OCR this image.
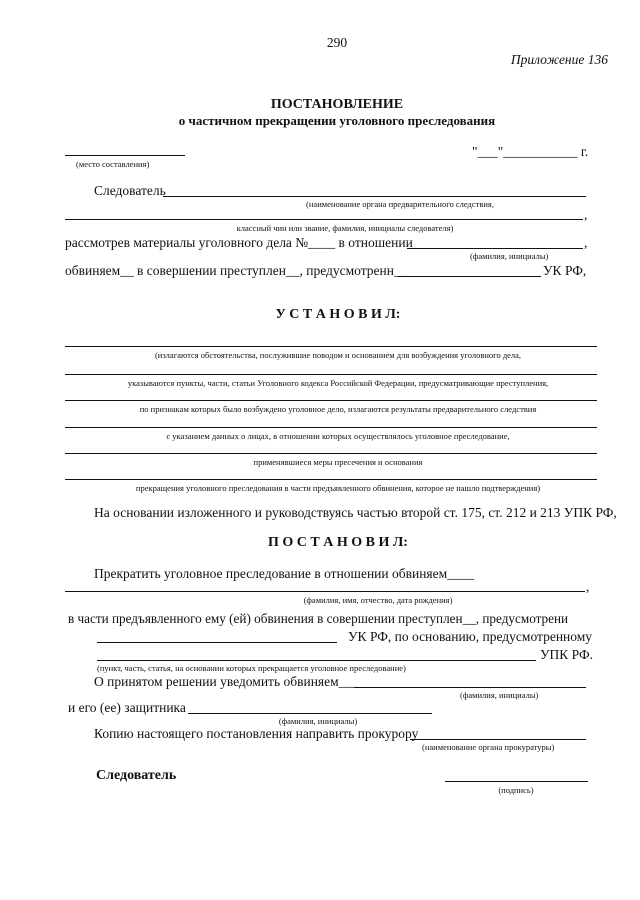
290
Приложение 136
ПОСТАНОВЛЕНИЕ
о частичном прекращении уголовного преследования
(место составления)
"___"___________ г.
Следователь
(наименование органа предварительного следствия,
,
классный чин или звание, фамилия, инициалы следователя)
рассмотрев материалы уголовного дела №____ в отношении	,
(фамилия, инициалы)
обвиняем__ в совершении преступлен__, предусмотренн__	УК РФ,
У С Т А Н О В И Л:
(излагаются обстоятельства, послужившие поводом и основанием для возбуждения уголовного дела,
указываются пункты, части, статьи Уголовного кодекса Российской Федерации, предусматривающие преступления,
по признакам которых было возбуждено уголовное дело, излагаются результаты предварительного следствия
с указанием данных о лицах, в отношении которых осуществлялось уголовное преследование,
применявшиеся меры пресечения и основания
прекращения уголовного преследования в части предъявленного обвинения, которое не нашло подтверждения)
На основании изложенного и руководствуясь частью второй ст. 175, ст. 212 и 213 УПК РФ,
П О С Т А Н О В И Л:
Прекратить уголовное преследование в отношении обвиняем____
,
(фамилия, имя, отчество, дата рождения)
в части предъявленного ему (ей) обвинения в совершении преступлен__, предусмотрени
УК РФ, по основанию, предусмотренному
УПК РФ.
(пункт, часть, статья, на основании которых прекращается уголовное преследование)
О принятом решении уведомить обвиняем___
(фамилия, инициалы)
и его (ее) защитника
(фамилия, инициалы)
Копию настоящего постановления направить прокурору
(наименование органа прокуратуры)
Следователь
(подпись)
